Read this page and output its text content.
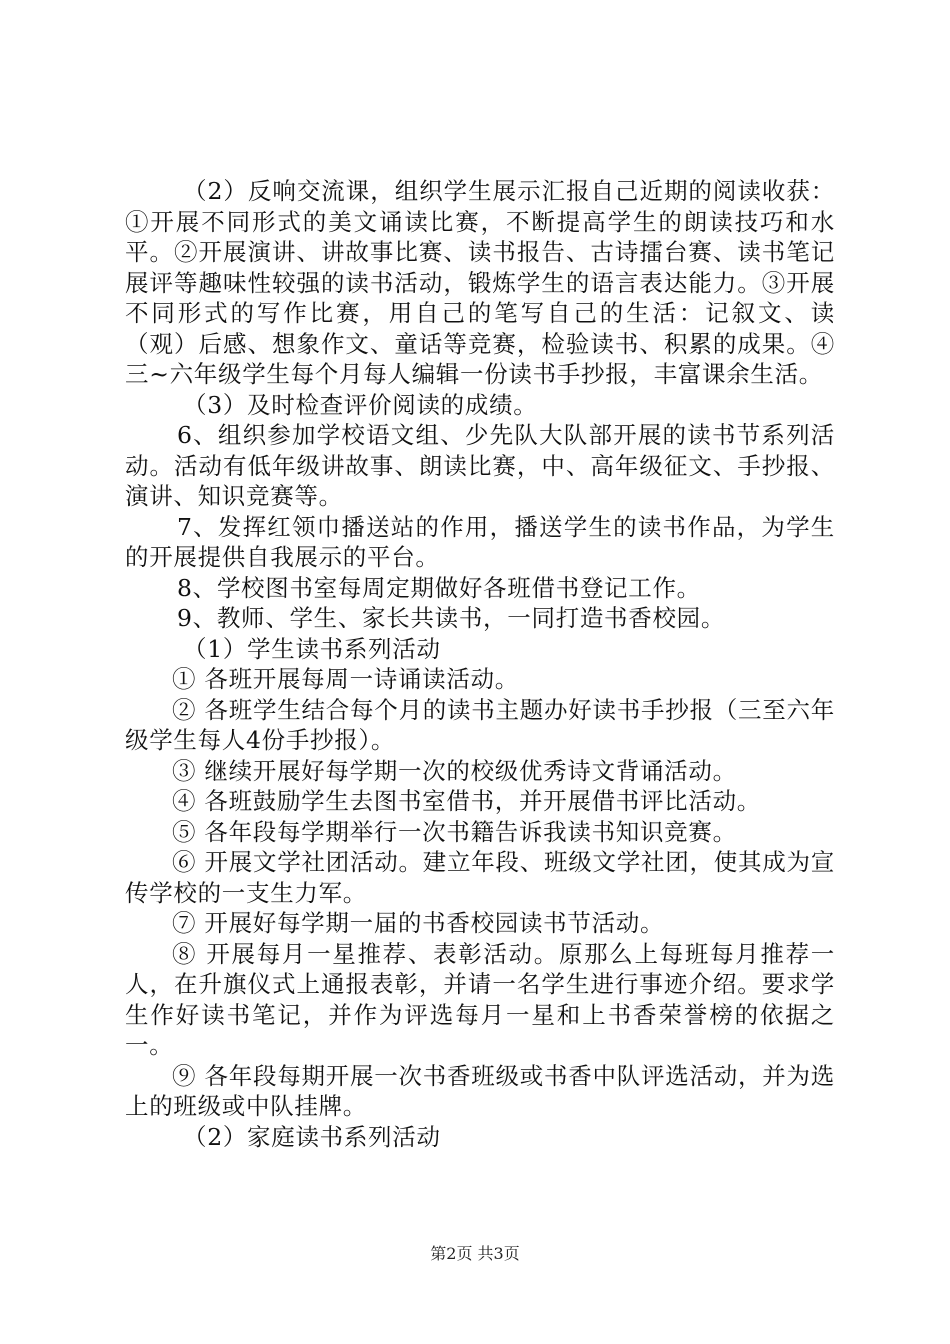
（2）反响交流课，组织学生展示汇报自己近期的阅读收获：①开展不同形式的美文诵读比赛，不断提高学生的朗读技巧和水平。②开展演讲、讲故事比赛、读书报告、古诗擂台赛、读书笔记展评等趣味性较强的读书活动，锻炼学生的语言表达能力。③开展不同形式的写作比赛，用自己的笔写自己的生活：记叙文、读（观）后感、想象作文、童话等竞赛，检验读书、积累的成果。④三~六年级学生每个月每人编辑一份读书手抄报，丰富课余生活。

（3）及时检查评价阅读的成绩。

6、组织参加学校语文组、少先队大队部开展的读书节系列活动。活动有低年级讲故事、朗读比赛，中、高年级征文、手抄报、演讲、知识竞赛等。

7、发挥红领巾播送站的作用，播送学生的读书作品，为学生的开展提供自我展示的平台。

8、学校图书室每周定期做好各班借书登记工作。

9、教师、学生、家长共读书，一同打造书香校园。

（1）学生读书系列活动

① 各班开展每周一诗诵读活动。

② 各班学生结合每个月的读书主题办好读书手抄报（三至六年级学生每人4份手抄报）。

③ 继续开展好每学期一次的校级优秀诗文背诵活动。

④ 各班鼓励学生去图书室借书，并开展借书评比活动。

⑤ 各年段每学期举行一次书籍告诉我读书知识竞赛。

⑥ 开展文学社团活动。建立年段、班级文学社团，使其成为宣传学校的一支生力军。

⑦ 开展好每学期一届的书香校园读书节活动。

⑧ 开展每月一星推荐、表彰活动。原那么上每班每月推荐一人，在升旗仪式上通报表彰，并请一名学生进行事迹介绍。要求学生作好读书笔记，并作为评选每月一星和上书香荣誉榜的依据之一。

⑨ 各年段每期开展一次书香班级或书香中队评选活动，并为选上的班级或中队挂牌。

（2）家庭读书系列活动

第2页 共3页
